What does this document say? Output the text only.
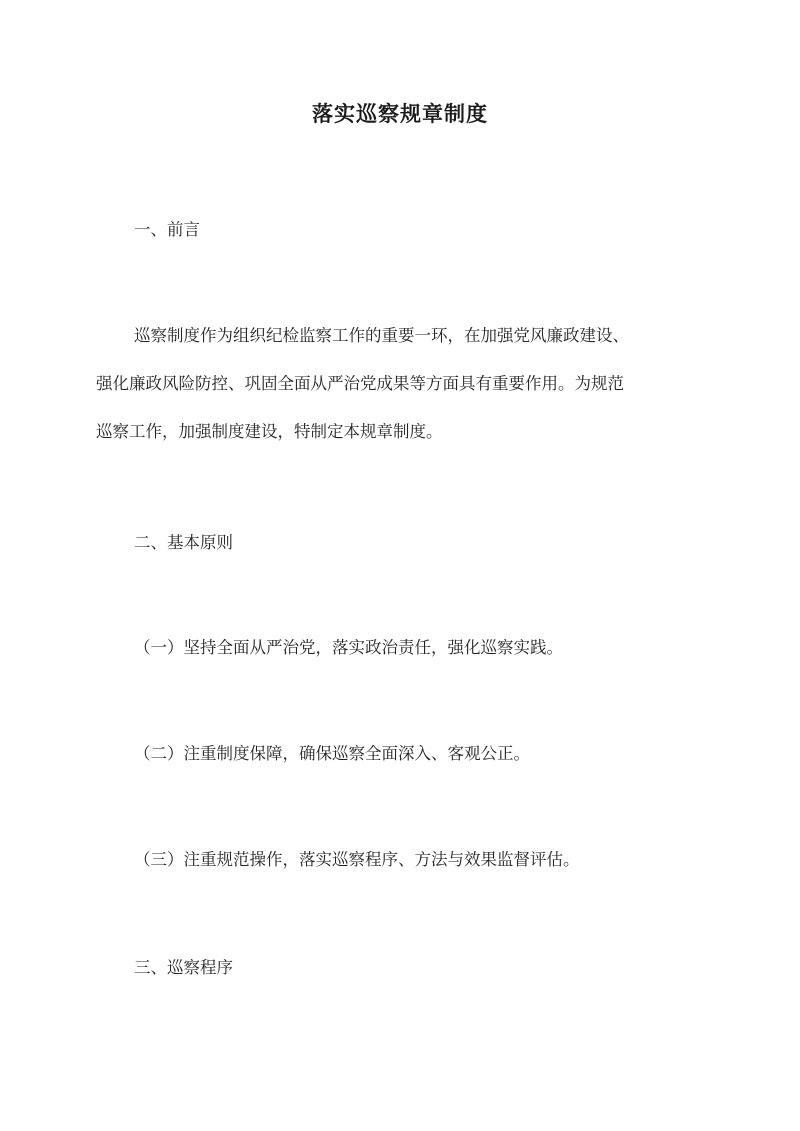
落实巡察规章制度
一、前言
巡察制度作为组织纪检监察工作的重要一环，在加强党风廉政建设、
强化廉政风险防控、巩固全面从严治党成果等方面具有重要作用。为规范
巡察工作，加强制度建设，特制定本规章制度。
二、基本原则
（一）坚持全面从严治党，落实政治责任，强化巡察实践。
（二）注重制度保障，确保巡察全面深入、客观公正。
（三）注重规范操作，落实巡察程序、方法与效果监督评估。
三、巡察程序
